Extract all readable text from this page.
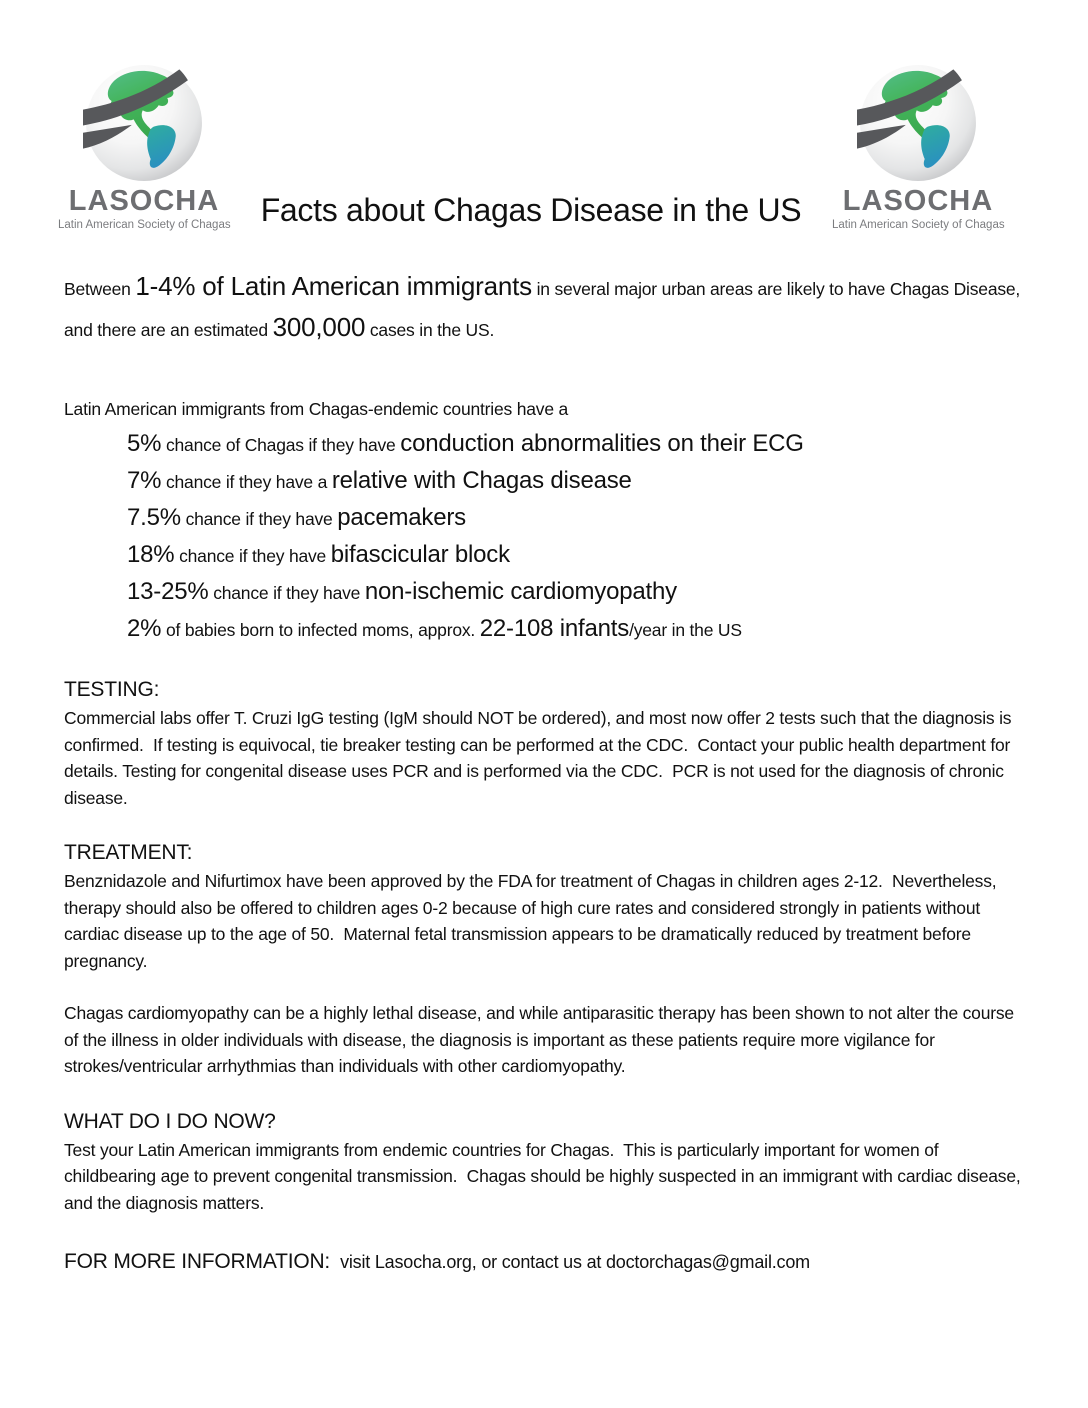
LASOCHA
Latin American Society of Chagas Facts about Chagas Disease in the US	LASOCHA
Latin American Society of Chagas

Between 1-4% of Latin American immigrants in several major urban areas are likely to have Chagas Disease, and there are an estimated 300,000 cases in the US.

Latin American immigrants from Chagas-endemic countries have a

5% chance of Chagas if they have conduction abnormalities on their ECG
7% chance if they have a relative with Chagas disease
7.5% chance if they have pacemakers
18% chance if they have bifascicular block
13-25% chance if they have non-ischemic cardiomyopathy
2% of babies born to infected moms, approx. 22-108 infants/year in the US
TESTING:

Commercial labs offer T. Cruzi IgG testing (IgM should NOT be ordered), and most now offer 2 tests such that the diagnosis is confirmed.  If testing is equivocal, tie breaker testing can be performed at the CDC.  Contact your public health department for details. Testing for congenital disease uses PCR and is performed via the CDC.  PCR is not used for the diagnosis of chronic disease.

TREATMENT:

Benznidazole and Nifurtimox have been approved by the FDA for treatment of Chagas in children ages 2-12.  Nevertheless, therapy should also be offered to children ages 0-2 because of high cure rates and considered strongly in patients without cardiac disease up to the age of 50.  Maternal fetal transmission appears to be dramatically reduced by treatment before pregnancy.

Chagas cardiomyopathy can be a highly lethal disease, and while antiparasitic therapy has been shown to not alter the course of the illness in older individuals with disease, the diagnosis is important as these patients require more vigilance for strokes/ventricular arrhythmias than individuals with other cardiomyopathy.

WHAT DO I DO NOW?

Test your Latin American immigrants from endemic countries for Chagas.  This is particularly important for women of childbearing age to prevent congenital transmission.  Chagas should be highly suspected in an immigrant with cardiac disease, and the diagnosis matters.

FOR MORE INFORMATION: visit Lasocha.org, or contact us at doctorchagas@gmail.com
